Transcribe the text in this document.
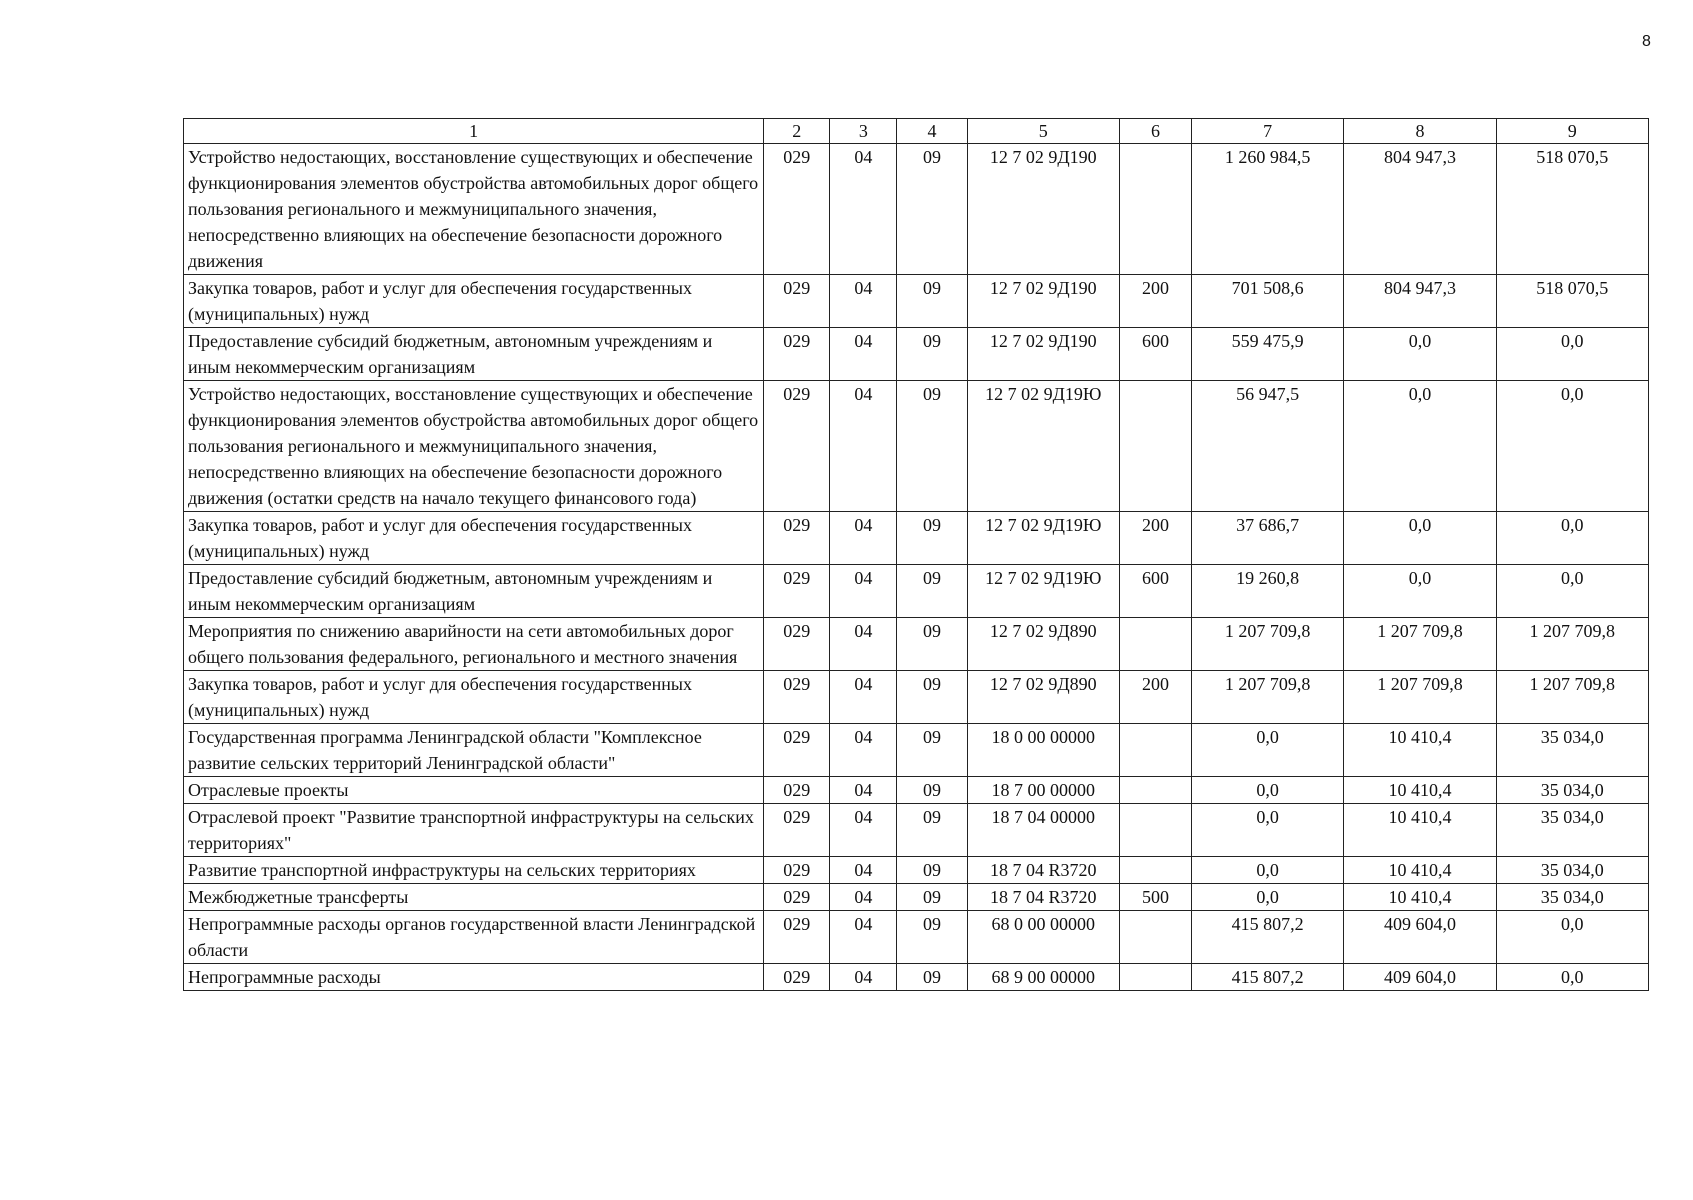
8
1	2	3	4	5	6	7	8	9
Устройство недостающих, восстановление существующих и обеспечение функционирования элементов обустройства автомобильных дорог общего пользования регионального и межмуниципального значения, непосредственно влияющих на обеспечение безопасности дорожного движения	029	04	09	12 7 02 9Д190		1 260 984,5	804 947,3	518 070,5
Закупка товаров, работ и услуг для обеспечения государственных (муниципальных) нужд	029	04	09	12 7 02 9Д190	200	701 508,6	804 947,3	518 070,5
Предоставление субсидий бюджетным, автономным учреждениям и иным некоммерческим организациям	029	04	09	12 7 02 9Д190	600	559 475,9	0,0	0,0
Устройство недостающих, восстановление существующих и обеспечение функционирования элементов обустройства автомобильных дорог общего пользования регионального и межмуниципального значения, непосредственно влияющих на обеспечение безопасности дорожного движения (остатки средств на начало текущего финансового года)	029	04	09	12 7 02 9Д19Ю		56 947,5	0,0	0,0
Закупка товаров, работ и услуг для обеспечения государственных (муниципальных) нужд	029	04	09	12 7 02 9Д19Ю	200	37 686,7	0,0	0,0
Предоставление субсидий бюджетным, автономным учреждениям и иным некоммерческим организациям	029	04	09	12 7 02 9Д19Ю	600	19 260,8	0,0	0,0
Мероприятия по снижению аварийности на сети автомобильных дорог общего пользования федерального, регионального и местного значения	029	04	09	12 7 02 9Д890		1 207 709,8	1 207 709,8	1 207 709,8
Закупка товаров, работ и услуг для обеспечения государственных (муниципальных) нужд	029	04	09	12 7 02 9Д890	200	1 207 709,8	1 207 709,8	1 207 709,8
Государственная программа Ленинградской области "Комплексное развитие сельских территорий Ленинградской области"	029	04	09	18 0 00 00000		0,0	10 410,4	35 034,0
Отраслевые проекты	029	04	09	18 7 00 00000		0,0	10 410,4	35 034,0
Отраслевой проект "Развитие транспортной инфраструктуры на сельских территориях"	029	04	09	18 7 04 00000		0,0	10 410,4	35 034,0
Развитие транспортной инфраструктуры на сельских территориях	029	04	09	18 7 04 R3720		0,0	10 410,4	35 034,0
Межбюджетные трансферты	029	04	09	18 7 04 R3720	500	0,0	10 410,4	35 034,0
Непрограммные расходы органов государственной власти Ленинградской области	029	04	09	68 0 00 00000		415 807,2	409 604,0	0,0
Непрограммные расходы	029	04	09	68 9 00 00000		415 807,2	409 604,0	0,0
